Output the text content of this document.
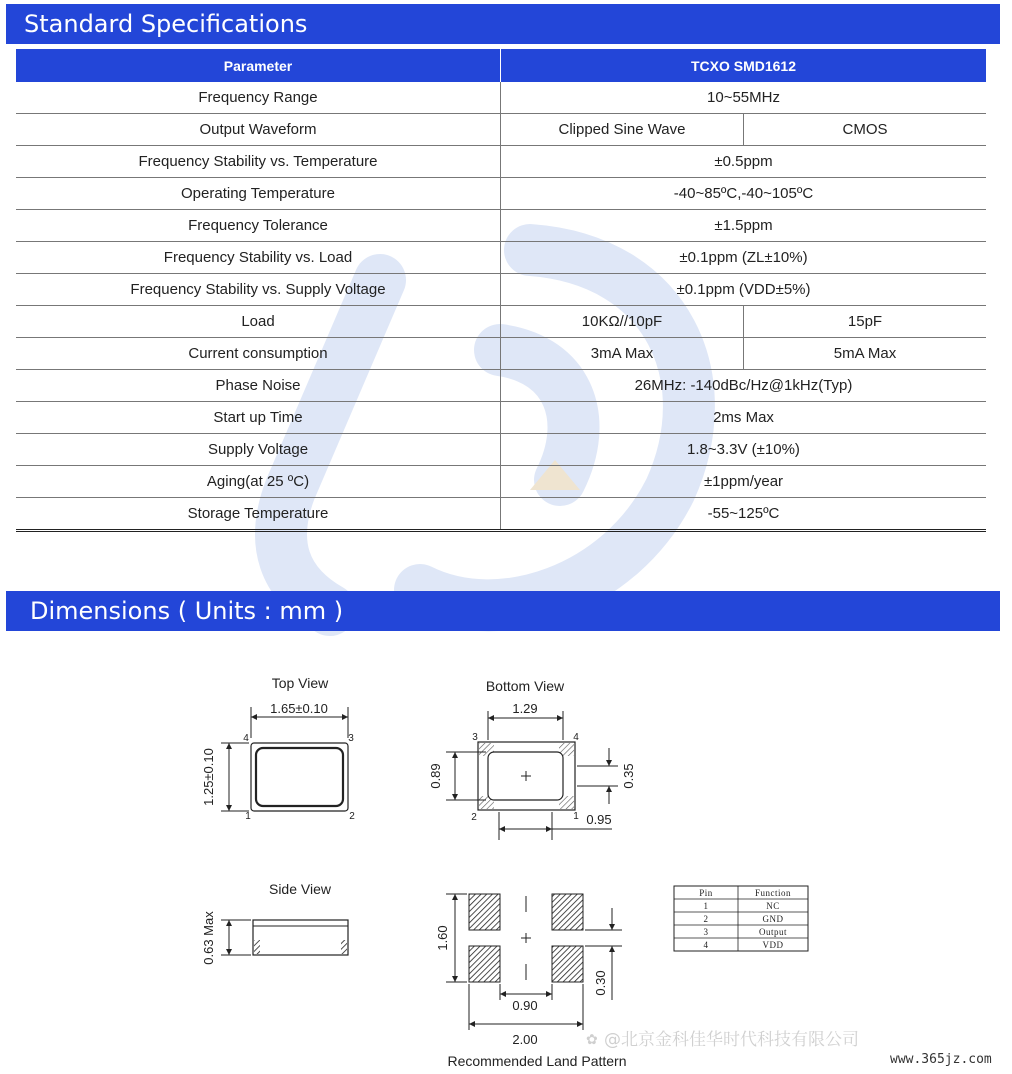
Standard Specifications
Parameter	TCXO SMD1612	
Frequency Range	10~55MHz	
Output Waveform	Clipped Sine Wave	CMOS
Frequency Stability vs. Temperature	±0.5ppm	
Operating Temperature	-40~85ºC,-40~105ºC	
Frequency Tolerance	±1.5ppm	
Frequency Stability vs. Load	±0.1ppm (ZL±10%)	
Frequency Stability vs. Supply Voltage	±0.1ppm (VDD±5%)	
Load	10KΩ//10pF	15pF
Current consumption	3mA Max	5mA Max
Phase Noise	26MHz: -140dBc/Hz@1kHz(Typ)	
Start up Time	2ms Max	
Supply Voltage	1.8~3.3V (±10%)	
Aging(at 25 ºC)	±1ppm/year	
Storage Temperature	-55~125ºC	
Dimensions ( Units : mm )
Top View
1.65±0.10
1.25±0.10
4	3
1	2
Bottom View
1.29
0.89	0.35
0.95
3	4
2	1
Side View
0.63 Max	1.60
0.30
0.90
2.00
Recommended Land Pattern
Pin	Function
1	NC
2	GND
3	Output
4	VDD
✿ @北京金科佳华时代科技有限公司
www.365jz.com
